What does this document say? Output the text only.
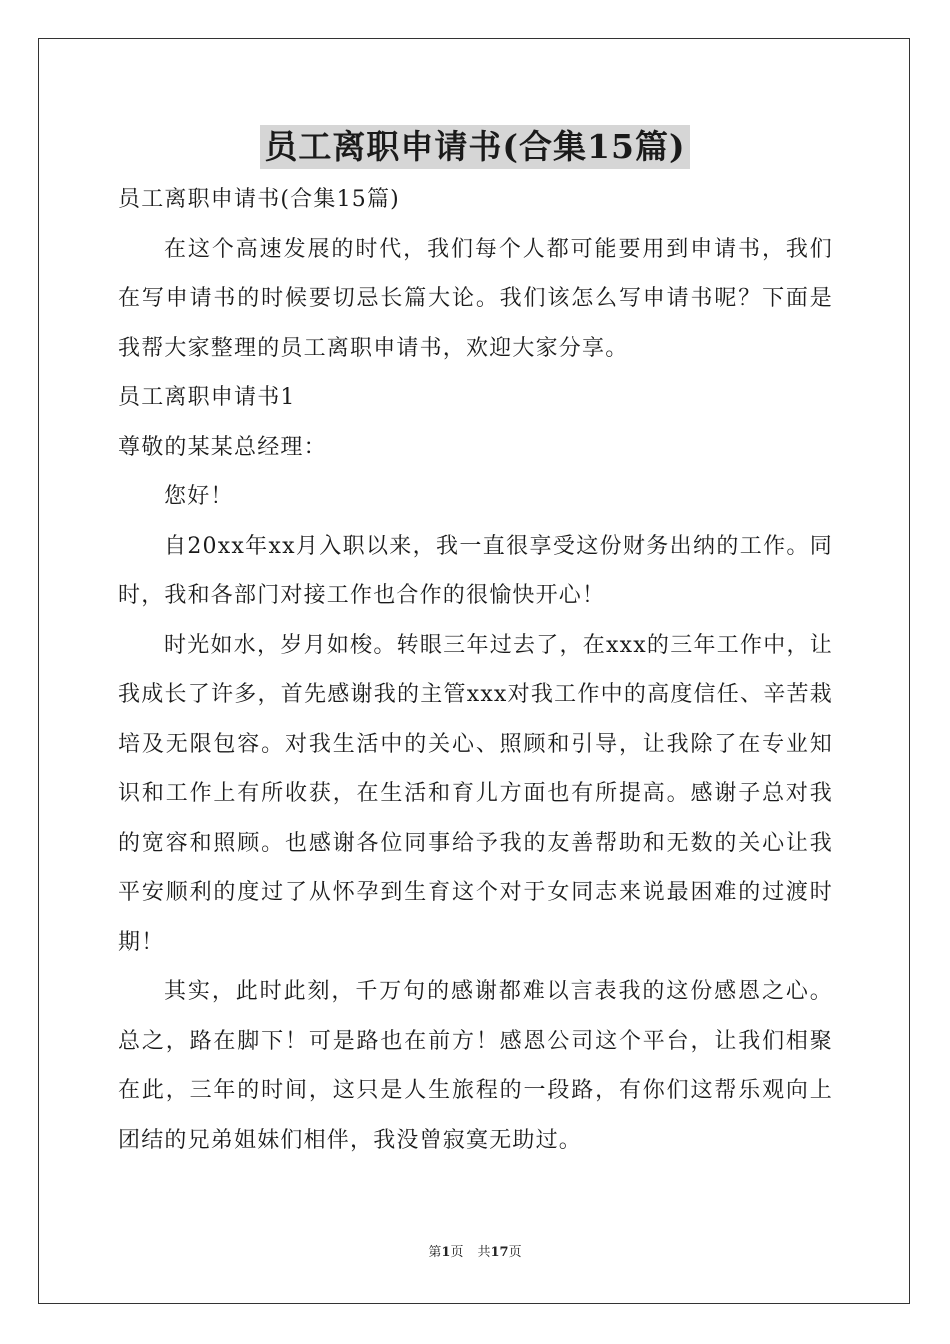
员工离职申请书(合集15篇)

员工离职申请书(合集15篇)

在这个高速发展的时代，我们每个人都可能要用到申请书，我们在写申请书的时候要切忌长篇大论。我们该怎么写申请书呢？下面是我帮大家整理的员工离职申请书，欢迎大家分享。

员工离职申请书1

尊敬的某某总经理：

您好！

自20xx年xx月入职以来，我一直很享受这份财务出纳的工作。同时，我和各部门对接工作也合作的很愉快开心！

时光如水，岁月如梭。转眼三年过去了，在xxx的三年工作中，让我成长了许多，首先感谢我的主管xxx对我工作中的高度信任、辛苦栽培及无限包容。对我生活中的关心、照顾和引导，让我除了在专业知识和工作上有所收获，在生活和育儿方面也有所提高。感谢子总对我的宽容和照顾。也感谢各位同事给予我的友善帮助和无数的关心让我平安顺利的度过了从怀孕到生育这个对于女同志来说最困难的过渡时期！

其实，此时此刻，千万句的感谢都难以言表我的这份感恩之心。总之，路在脚下！可是路也在前方！感恩公司这个平台，让我们相聚在此，三年的时间，这只是人生旅程的一段路，有你们这帮乐观向上团结的兄弟姐妹们相伴，我没曾寂寞无助过。

第1页 共17页
